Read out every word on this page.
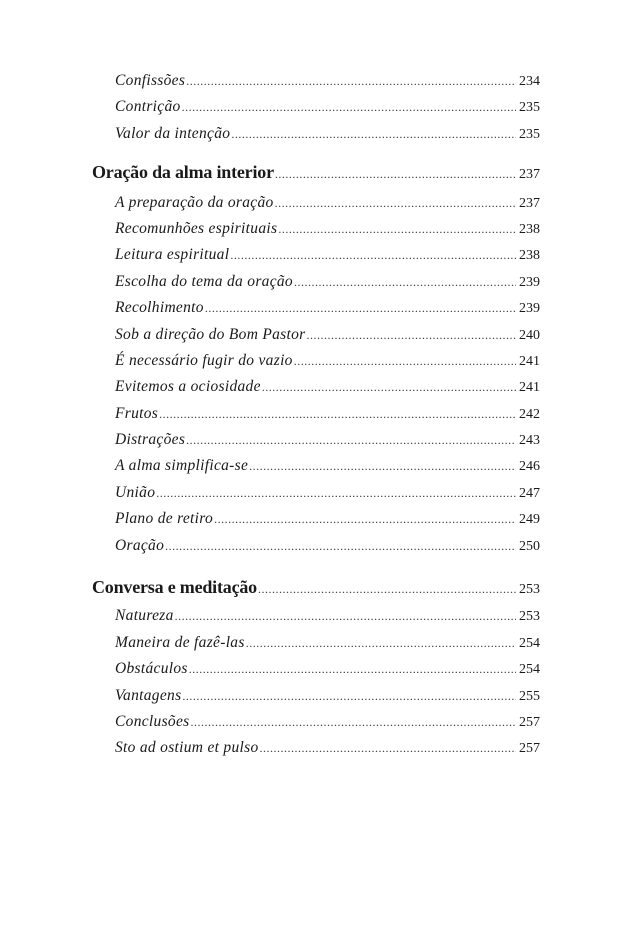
Confissões .....	234
Contrição .....	235
Valor da intenção .....	235
Oração da alma interior .....	237
A preparação da oração .....	237
Recomunhões espirituais .....	238
Leitura espiritual .....	238
Escolha do tema da oração .....	239
Recolhimento .....	239
Sob a direção do Bom Pastor .....	240
É necessário fugir do vazio .....	241
Evitemos a ociosidade .....	241
Frutos .....	242
Distrações .....	243
A alma simplifica-se .....	246
União .....	247
Plano de retiro .....	249
Oração .....	250
Conversa e meditação .....	253
Natureza .....	253
Maneira de fazê-las .....	254
Obstáculos .....	254
Vantagens .....	255
Conclusões .....	257
Sto ad ostium et pulso .....	257
